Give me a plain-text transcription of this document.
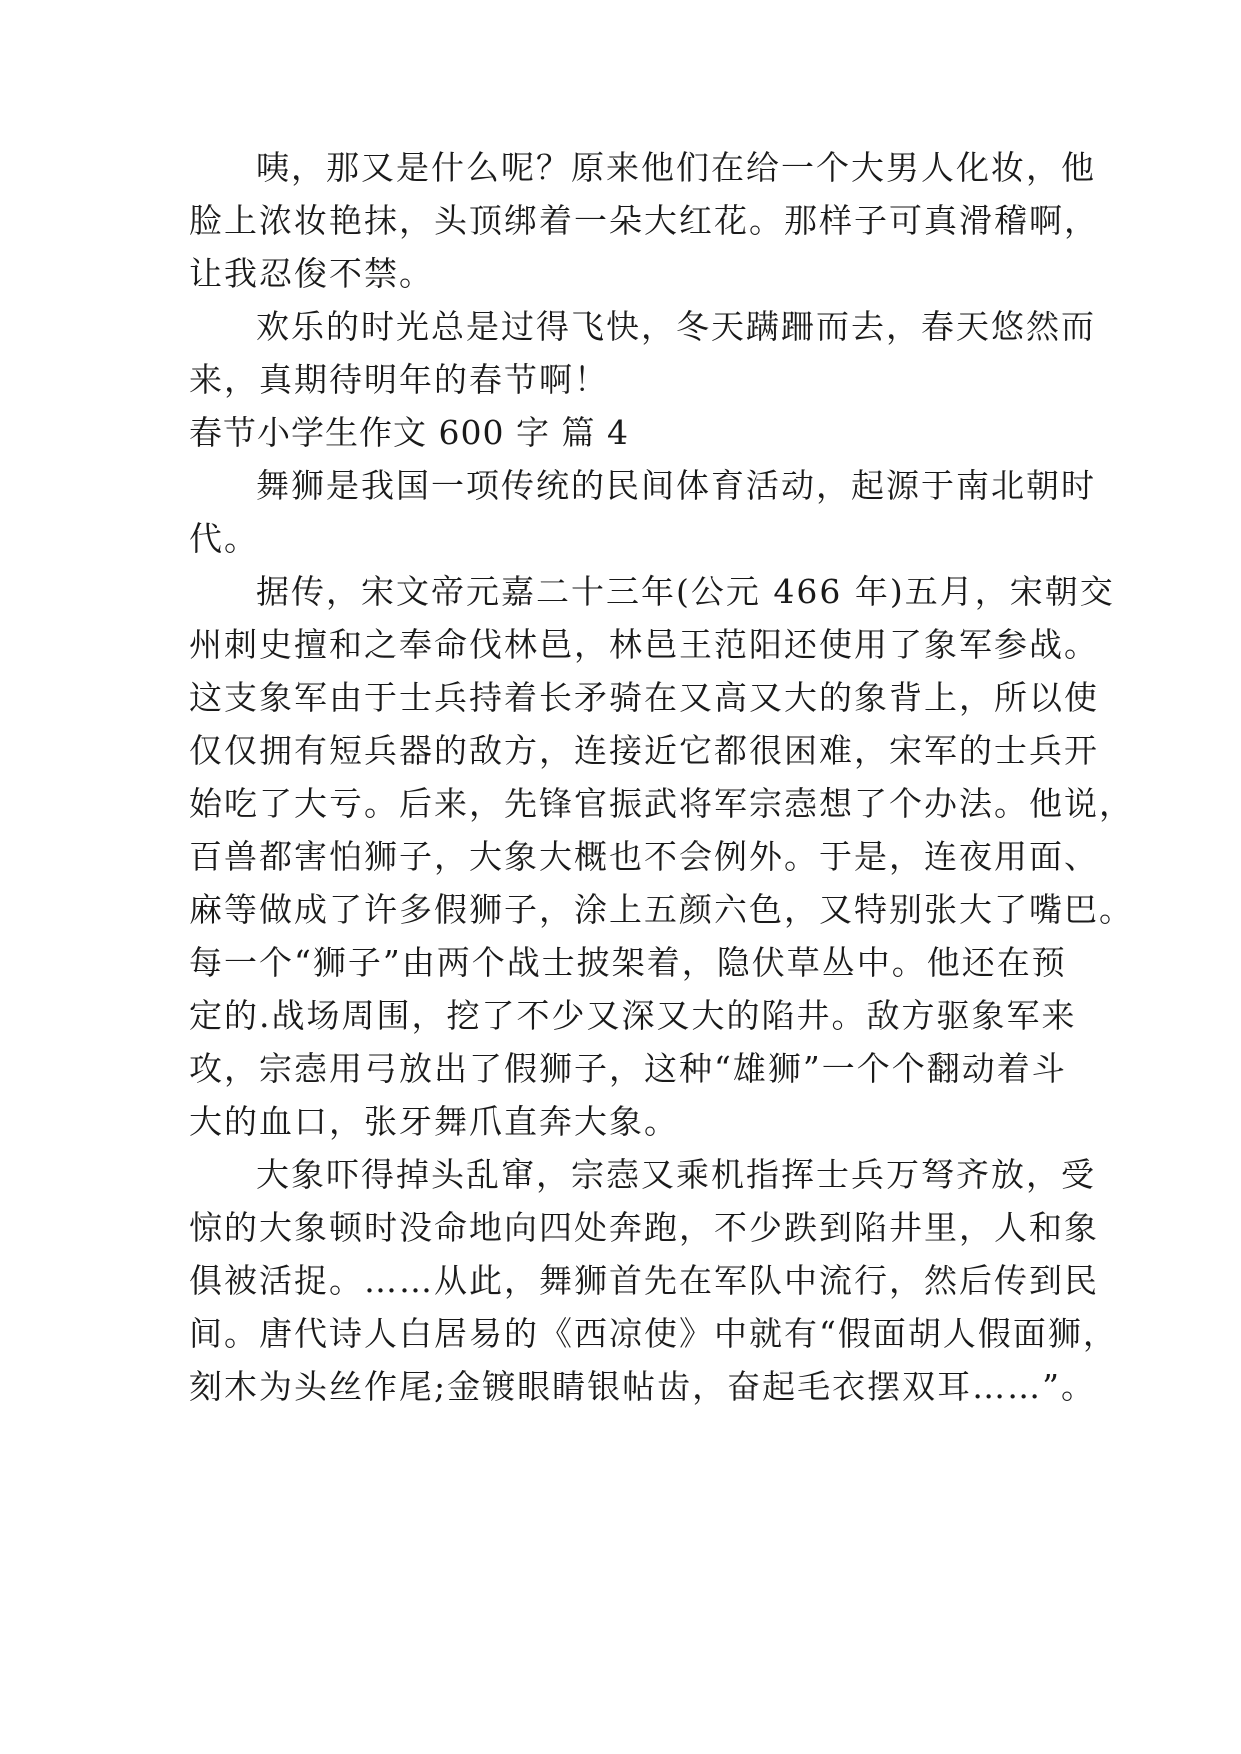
咦，那又是什么呢？原来他们在给一个大男人化妆，他
脸上浓妆艳抹，头顶绑着一朵大红花。那样子可真滑稽啊，
让我忍俊不禁。
欢乐的时光总是过得飞快，冬天蹒跚而去，春天悠然而
来，真期待明年的春节啊！
春节小学生作文 600 字 篇 4
舞狮是我国一项传统的民间体育活动，起源于南北朝时
代。
据传，宋文帝元嘉二十三年(公元 466 年)五月，宋朝交
州刺史擅和之奉命伐林邑，林邑王范阳还使用了象军参战。
这支象军由于士兵持着长矛骑在又高又大的象背上，所以使
仅仅拥有短兵器的敌方，连接近它都很困难，宋军的士兵开
始吃了大亏。后来，先锋官振武将军宗悫想了个办法。他说，
百兽都害怕狮子，大象大概也不会例外。于是，连夜用面、
麻等做成了许多假狮子，涂上五颜六色，又特别张大了嘴巴。
每一个“狮子”由两个战士披架着，隐伏草丛中。他还在预
定的.战场周围，挖了不少又深又大的陷井。敌方驱象军来
攻，宗悫用弓放出了假狮子，这种“雄狮”一个个翻动着斗
大的血口，张牙舞爪直奔大象。
大象吓得掉头乱窜，宗悫又乘机指挥士兵万弩齐放，受
惊的大象顿时没命地向四处奔跑，不少跌到陷井里，人和象
俱被活捉。……从此，舞狮首先在军队中流行，然后传到民
间。唐代诗人白居易的《西凉使》中就有“假面胡人假面狮，
刻木为头丝作尾;金镀眼睛银帖齿，奋起毛衣摆双耳……”。
